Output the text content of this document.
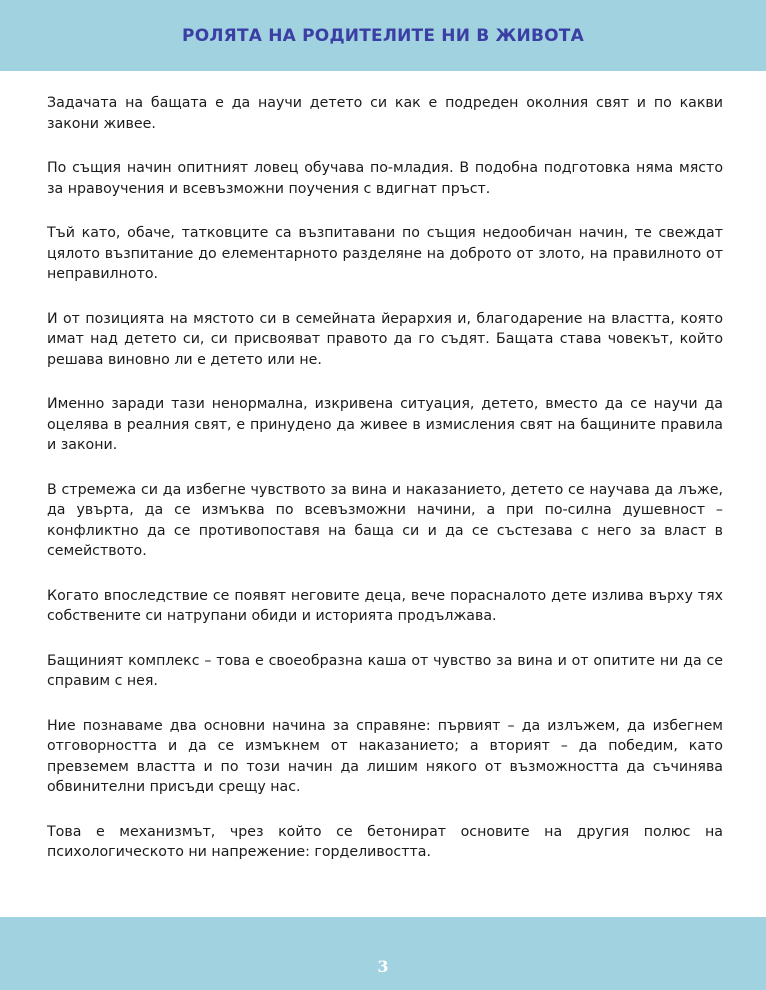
РОЛЯТА НА РОДИТЕЛИТЕ НИ В ЖИВОТА

Задачата на бащата е да научи детето си как е подреден околния свят и по какви закони живее.

По същия начин опитният ловец обучава по-младия. В подобна подготовка няма място за нравоучения и всевъзможни поучения с вдигнат пръст.

Тъй като, обаче, татковците са възпитавани по същия недообичан начин, те свеждат цялото възпитание до елементарното разделяне на доброто от злото, на правилното от неправилното.

И от позицията на мястото си в семейната йерархия и, благодарение на властта, която имат над детето си, си присвояват правото да го съдят. Бащата става човекът, който решава виновно ли е детето или не.

Именно заради тази ненормална, изкривена ситуация, детето, вместо да се научи да оцелява в реалния свят, е принудено да живее в измисления свят на бащините правила и закони.

В стремежа си да избегне чувството за вина и наказанието, детето се научава да лъже, да увърта, да се измъква по всевъзможни начини, а при по-силна душевност – конфликтно да се противопоставя на баща си и да се състезава с него за власт в семейството.

Когато впоследствие се появят неговите деца, вече порасналото дете излива върху тях собствените си натрупани обиди и историята продължава.

Бащиният комплекс – това е своеобразна каша от чувство за вина и от опитите ни да се справим с нея.

Ние познаваме два основни начина за справяне: първият – да излъжем, да избегнем отговорността и да се измъкнем от наказанието; а вторият – да победим, като превземем властта и по този начин да лишим някого от възможността да съчинява обвинителни присъди срещу нас.

Това е механизмът, чрез който се бетонират основите на другия полюс на психологическото ни напрежение: горделивостта.

3
